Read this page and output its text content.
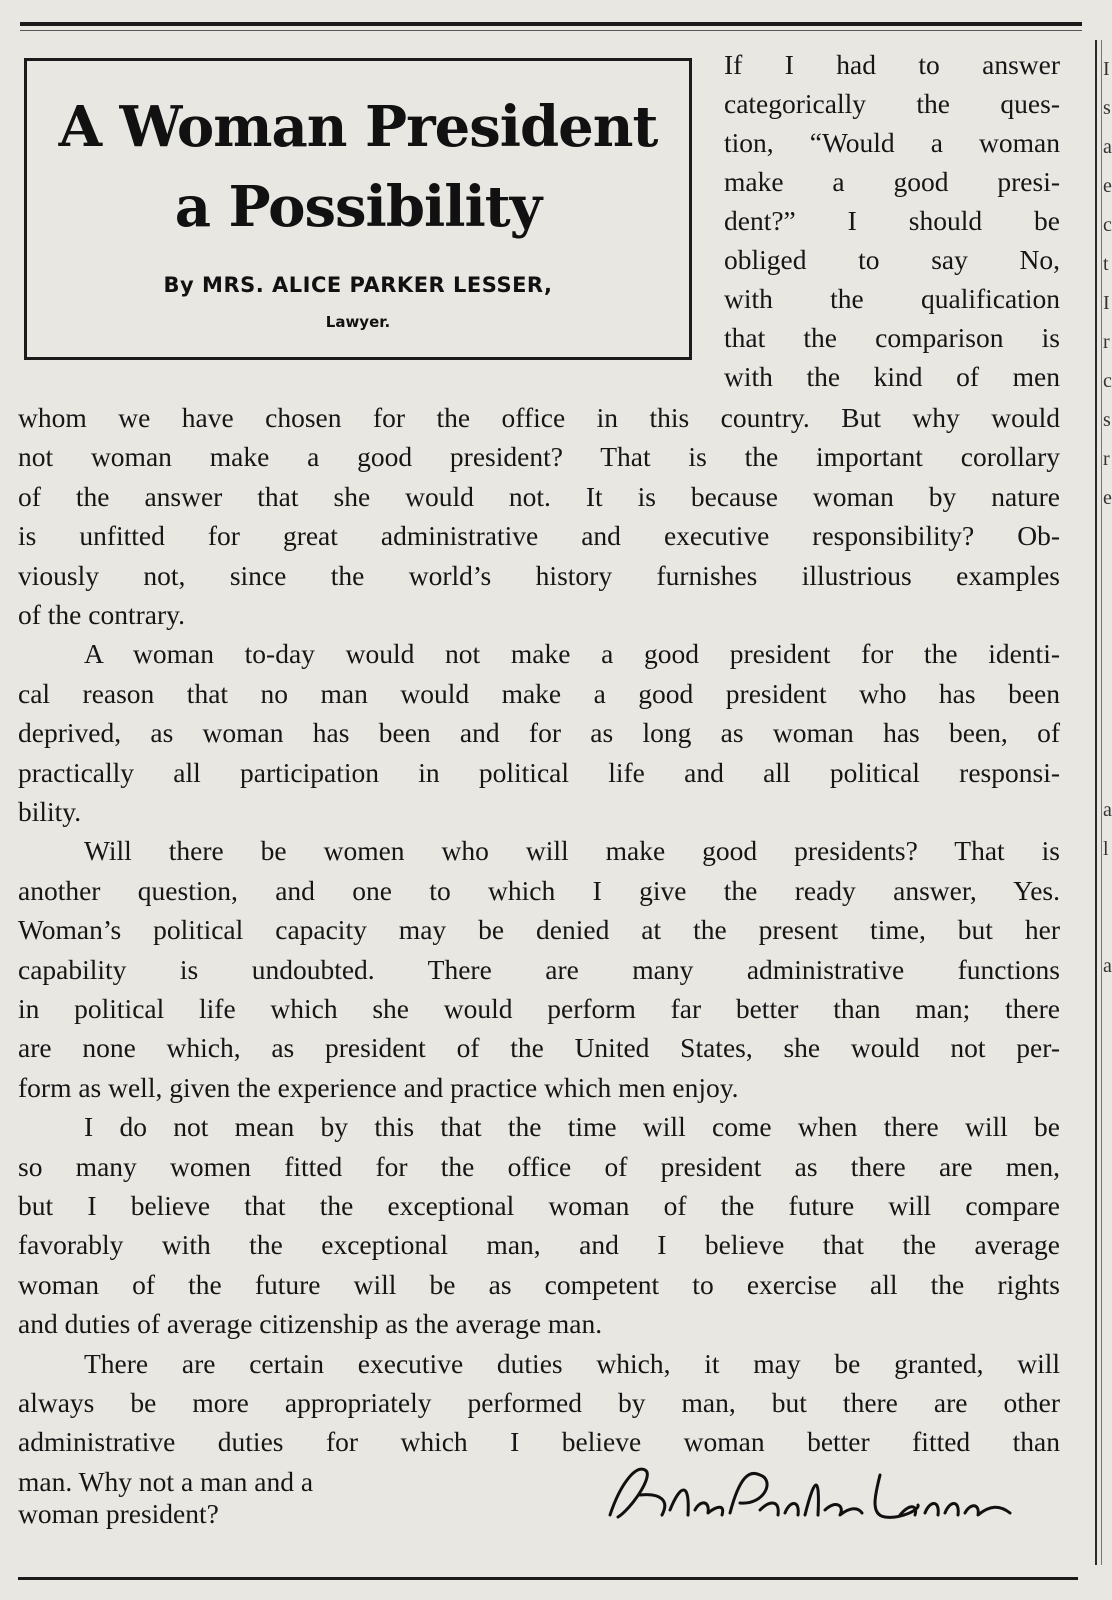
I
s
a
e
c
t
I
r
c
s
r
e
a
l
a
A Woman President
a Possibility
By MRS. ALICE PARKER LESSER,
Lawyer.
If I had to answer
categorically the ques-
tion, “Would a woman
make a good presi-
dent?” I should be
obliged to say No,
with the qualification
that the comparison is
with the kind of men
whom we have chosen for the office in this country. But why would
not woman make a good president? That is the important corollary
of the answer that she would not. It is because woman by nature
is unfitted for great administrative and executive responsibility? Ob-
viously not, since the world’s history furnishes illustrious examples
of the contrary.
A woman to-day would not make a good president for the identi-
cal reason that no man would make a good president who has been
deprived, as woman has been and for as long as woman has been, of
practically all participation in political life and all political responsi-
bility.
Will there be women who will make good presidents? That is
another question, and one to which I give the ready answer, Yes.
Woman’s political capacity may be denied at the present time, but her
capability is undoubted. There are many administrative functions
in political life which she would perform far better than man; there
are none which, as president of the United States, she would not per-
form as well, given the experience and practice which men enjoy.
I do not mean by this that the time will come when there will be
so many women fitted for the office of president as there are men,
but I believe that the exceptional woman of the future will compare
favorably with the exceptional man, and I believe that the average
woman of the future will be as competent to exercise all the rights
and duties of average citizenship as the average man.
There are certain executive duties which, it may be granted, will
always be more appropriately performed by man, but there are other
administrative duties for which I believe woman better fitted than
man. Why not a man and a
woman president?
